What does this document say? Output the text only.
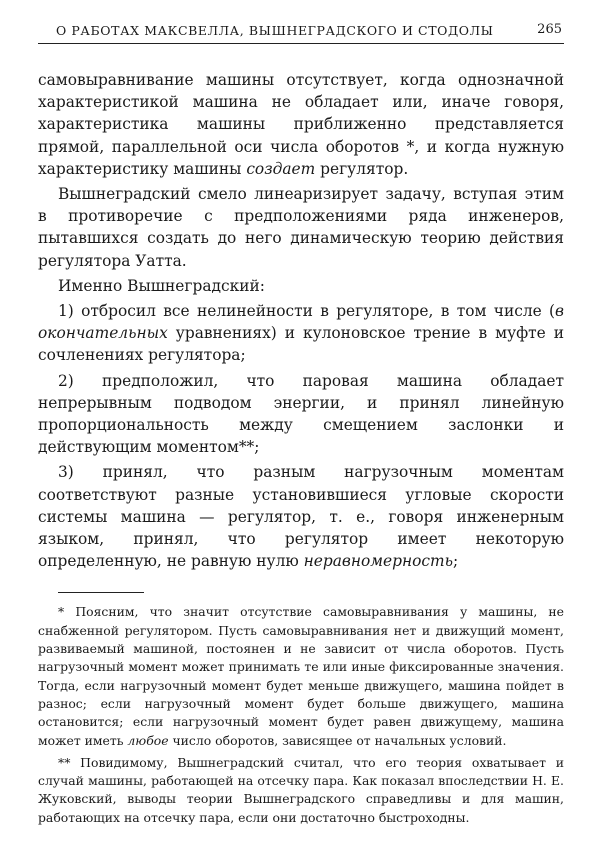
О РАБОТАХ МАКСВЕЛЛА, ВЫШНЕГРАДСКОГО И СТОДОЛЫ	265

самовыравнивание машины отсутствует, когда однозначной характеристикой машина не обладает или, иначе говоря, характеристика машины приближенно представляется прямой, параллельной оси числа оборотов *, и когда нужную характеристику машины создает регулятор.

Вышнеградский смело линеаризирует задачу, вступая этим в противоречие с предположениями ряда инженеров, пытавшихся создать до него динамическую теорию действия регулятора Уатта.

Именно Вышнеградский:

1) отбросил все нелинейности в регуляторе, в том числе (в окончательных уравнениях) и кулоновское трение в муфте и сочленениях регулятора;

2) предположил, что паровая машина обладает непрерывным подводом энергии, и принял линейную пропорциональность между смещением заслонки и действующим моментом**;

3) принял, что разным нагрузочным моментам соответствуют разные установившиеся угловые скорости системы машина — регулятор, т. е., говоря инженерным языком, принял, что регулятор имеет некоторую определенную, не равную нулю неравномерность;

* Поясним, что значит отсутствие самовыравнивания у машины, не снабженной регулятором. Пусть самовыравнивания нет и движущий момент, развиваемый машиной, постоянен и не зависит от числа оборотов. Пусть нагрузочный момент может принимать те или иные фиксированные значения. Тогда, если нагрузочный момент будет меньше движущего, машина пойдет в разнос; если нагрузочный момент будет больше движущего, машина остановится; если нагрузочный момент будет равен движущему, машина может иметь любое число оборотов, зависящее от начальных условий.

** Повидимому, Вышнеградский считал, что его теория охватывает и случай машины, работающей на отсечку пара. Как показал впоследствии Н. Е. Жуковский, выводы теории Вышнеградского справедливы и для машин, работающих на отсечку пара, если они достаточно быстроходны.
